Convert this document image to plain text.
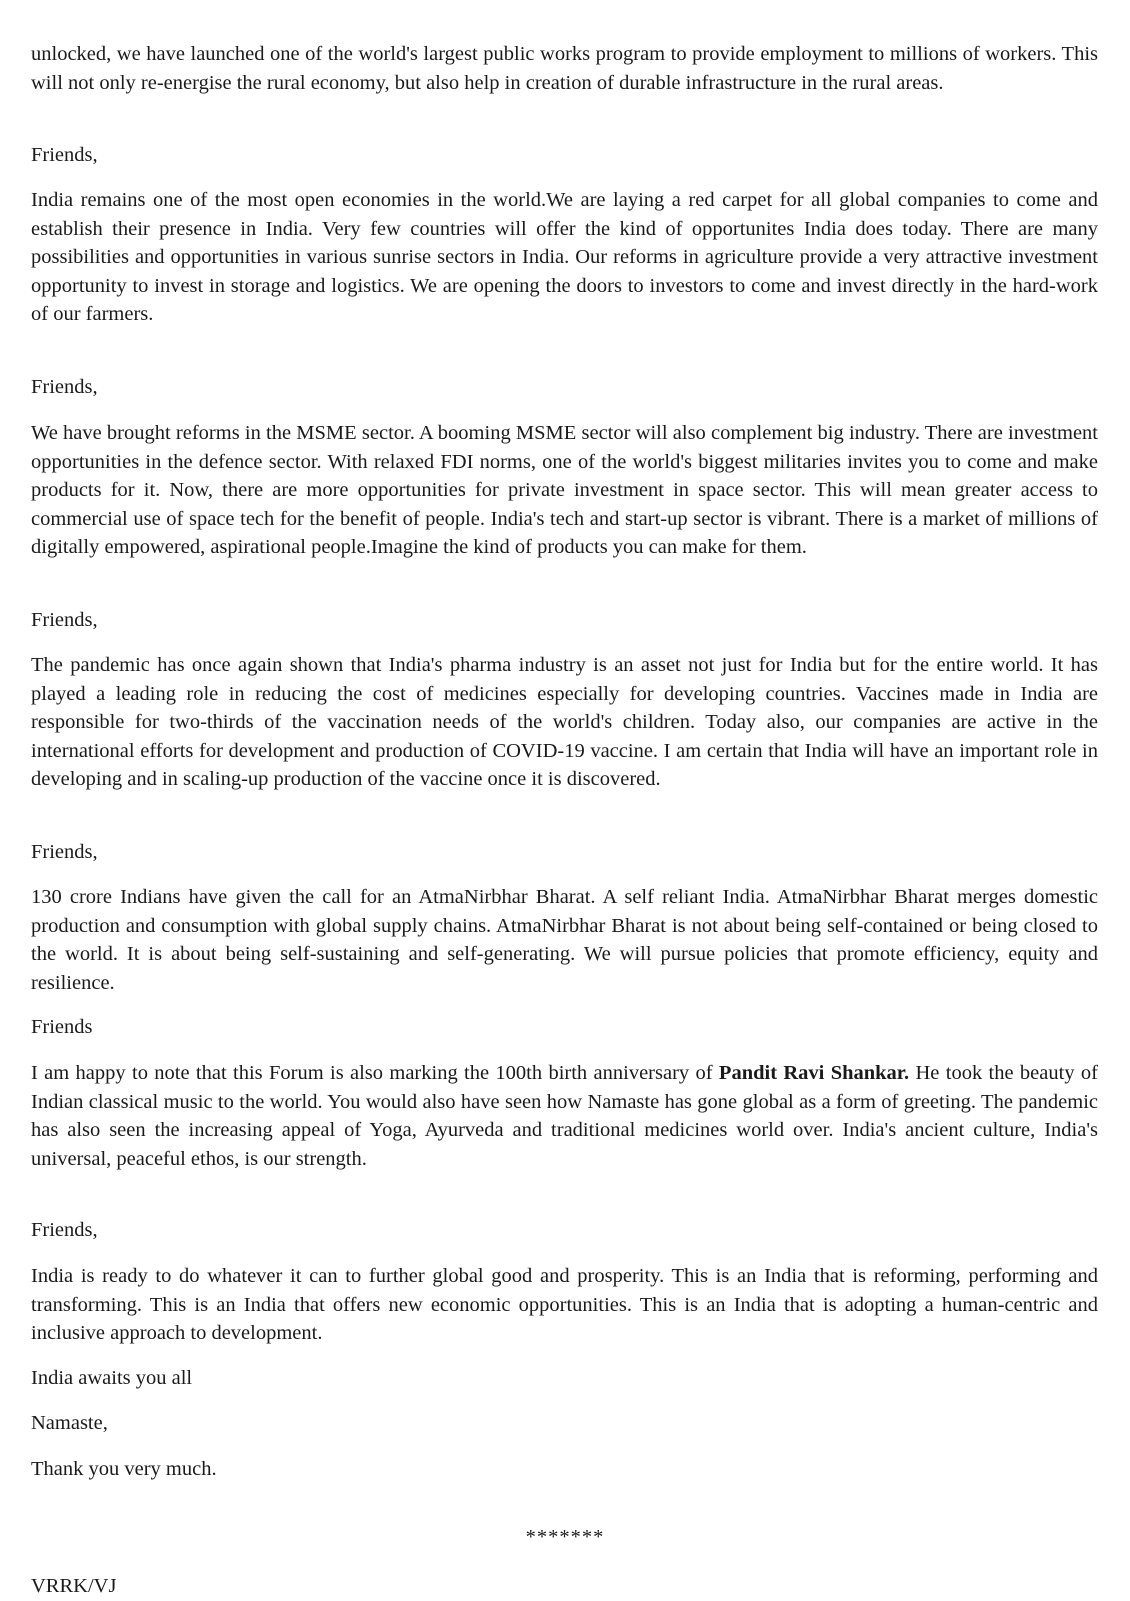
unlocked, we have launched one of the world's largest public works program to provide employment to millions of workers. This will not only re-energise the rural economy, but also help in creation of durable infrastructure in the rural areas.

Friends,

India remains one of the most open economies in the world.We are laying a red carpet for all global companies to come and establish their presence in India. Very few countries will offer the kind of opportunites India does today. There are many possibilities and opportunities in various sunrise sectors in India. Our reforms in agriculture provide a very attractive investment opportunity to invest in storage and logistics. We are opening the doors to investors to come and invest directly in the hard-work of our farmers.

Friends,

We have brought reforms in the MSME sector. A booming MSME sector will also complement big industry. There are investment opportunities in the defence sector. With relaxed FDI norms, one of the world's biggest militaries invites you to come and make products for it. Now, there are more opportunities for private investment in space sector. This will mean greater access to commercial use of space tech for the benefit of people. India's tech and start-up sector is vibrant. There is a market of millions of digitally empowered, aspirational people.Imagine the kind of products you can make for them.

Friends,

The pandemic has once again shown that India's pharma industry is an asset not just for India but for the entire world. It has played a leading role in reducing the cost of medicines especially for developing countries. Vaccines made in India are responsible for two-thirds of the vaccination needs of the world's children. Today also, our companies are active in the international efforts for development and production of COVID-19 vaccine. I am certain that India will have an important role in developing and in scaling-up production of the vaccine once it is discovered.

Friends,

130 crore Indians have given the call for an AtmaNirbhar Bharat. A self reliant India. AtmaNirbhar Bharat merges domestic production and consumption with global supply chains. AtmaNirbhar Bharat is not about being self-contained or being closed to the world. It is about being self-sustaining and self-generating. We will pursue policies that promote efficiency, equity and resilience.

Friends

I am happy to note that this Forum is also marking the 100th birth anniversary of Pandit Ravi Shankar. He took the beauty of Indian classical music to the world. You would also have seen how Namaste has gone global as a form of greeting. The pandemic has also seen the increasing appeal of Yoga, Ayurveda and traditional medicines world over. India's ancient culture, India's universal, peaceful ethos, is our strength.

Friends,

India is ready to do whatever it can to further global good and prosperity. This is an India that is reforming, performing and transforming. This is an India that offers new economic opportunities. This is an India that is adopting a human-centric and inclusive approach to development.

India awaits you all

Namaste,

Thank you very much.

*******

VRRK/VJ
